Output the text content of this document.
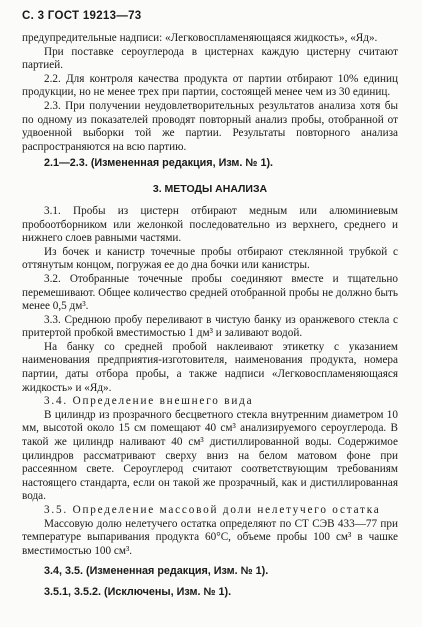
С. 3 ГОСТ 19213—73

предупредительные надписи: «Легковоспламеняющаяся жидкость», «Яд».

При поставке сероуглерода в цистернах каждую цистерну считают партией.

2.2. Для контроля качества продукта от партии отбирают 10% единиц продукции, но не менее трех при партии, состоящей менее чем из 30 единиц.

2.3. При получении неудовлетворительных результатов анализа хотя бы по одному из показателей проводят повторный анализ пробы, отобранной от удвоенной выборки той же партии. Результаты повторного анализа распространяются на всю партию.

2.1—2.3. (Измененная редакция, Изм. № 1).

3. МЕТОДЫ АНАЛИЗА

3.1. Пробы из цистерн отбирают медным или алюминиевым пробоотборником или желонкой последовательно из верхнего, среднего и нижнего слоев равными частями.

Из бочек и канистр точечные пробы отбирают стеклянной трубкой с оттянутым концом, погружая ее до дна бочки или канистры.

3.2. Отобранные точечные пробы соединяют вместе и тщательно перемешивают. Общее количество средней отобранной пробы не должно быть менее 0,5 дм³.

3.3. Среднюю пробу переливают в чистую банку из оранжевого стекла с притертой пробкой вместимостью 1 дм³ и заливают водой.

На банку со средней пробой наклеивают этикетку с указанием наименования предприятия-изготовителя, наименования продукта, номера партии, даты отбора пробы, а также надписи «Легковоспламеняющаяся жидкость» и «Яд».

3.4. Определение внешнего вида

В цилиндр из прозрачного бесцветного стекла внутренним диаметром 10 мм, высотой около 15 см помещают 40 см³ анализируемого сероуглерода. В такой же цилиндр наливают 40 см³ дистиллированной воды. Содержимое цилиндров рассматривают сверху вниз на белом матовом фоне при рассеянном свете. Сероуглерод считают соответствующим требованиям настоящего стандарта, если он такой же прозрачный, как и дистиллированная вода.

3.5. Определение массовой доли нелетучего остатка

Массовую долю нелетучего остатка определяют по СТ СЭВ 433—77 при температуре выпаривания продукта 60°С, объеме пробы 100 см³ в чашке вместимостью 100 см³.

3.4, 3.5. (Измененная редакция, Изм. № 1).

3.5.1, 3.5.2. (Исключены, Изм. № 1).
